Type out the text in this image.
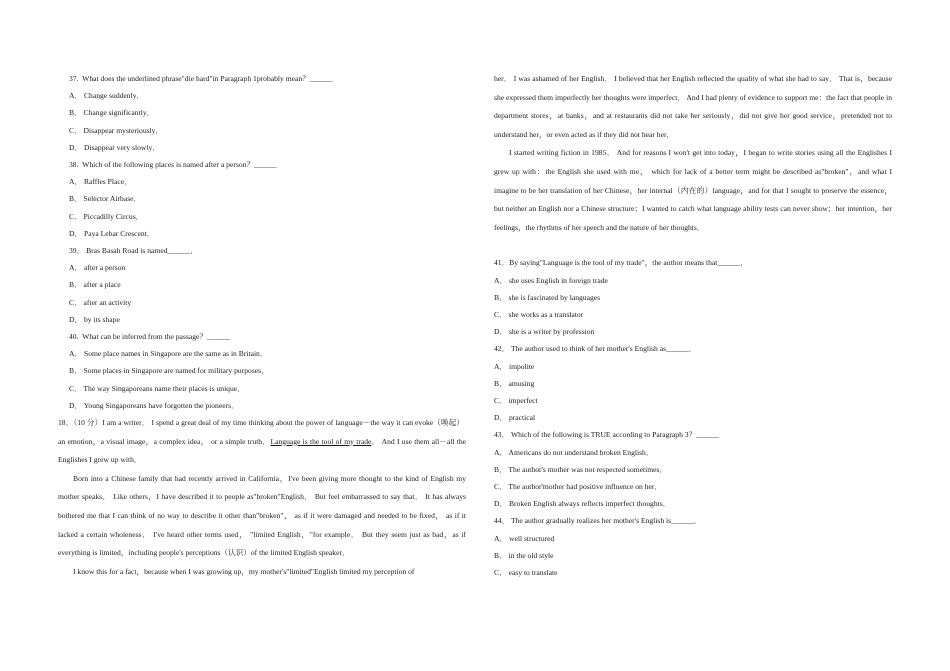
37.  What does the underlined phrase"die hard"in Paragraph 1probably mean？______
A． Change suddenly．
B． Change significantly．
C． Disappear mysteriously．
D． Disappear very slowly．
38.  Which of the following places is named after a person？______
A． Raffles Place．
B． Selector Airbase．
C． Piccadilly Circus．
D． Paya Lebar Crescent．
39． Bras Basah Road is named______．
A． after a person
B． after a place
C． after an activity
D． by its shape
40.  What can be inferred from the passage？______
A． Some place names in Singapore are the same as in Britain．
B． Some places in Singapore are named for military purposes．
C． The way Singaporeans name their places is unique．
D． Young Singaporeans have forgotten the pioneers．
18．（10 分）I am a writer． I spend a great deal of my time thinking about the power of language－the way it can evoke（唤起）  an emotion，a visual image，a complex idea， or a simple truth．Language is the tool of my trade． And I use them all－all the Englishes I grew up with．
Born into a Chinese family that had recently arrived in California，I've been giving more thought to the kind of English my mother speaks． Like others，I have described it to people as"broken"English． But feel embarrassed to say that． It has always bothered me that I can think of no way to describe it other than"broken"， as if it were damaged and needed to be fixed， as if it lacked a certain wholeness． I've heard other terms used， "limited English，"for example． But they seem just as bad，as if everything is limited，including people's perceptions（认识）of the limited English speaker．
I know this for a fact，because when I was growing up，my mother's"limited"English limited my perception of
her． I was ashamed of her English． I believed that her English reflected the quality of what she had to say． That is，because she expressed them imperfectly her thoughts were imperfect． And I had plenty of evidence to support me：the fact that people in department stores，at banks，and at restaurants did not take her seriously，did not give her good service，pretended not to understand her，or even acted as if they did not hear her．
I started writing fiction in 1985． And for reasons I won't get into today，I began to write stories using all the Englishes I grew up with：the English she used with me， which for lack of a better term might be described as"broken"，and what I imagine to be her translation of her Chinese，her internal（内在的）language，and for that I sought to preserve the essence，but neither an English nor a Chinese structure；I wanted to catch what language ability tests can never show；her intention，her feelings，the rhythms of her speech and the nature of her thoughts．
41．By saying"Language is the tool of my trade"，the author means that______．
A． she uses English in foreign trade
B． she is fascinated by languages
C． she works as a translator
D． she is a writer by profession
42． The author used to think of her mother's English as______．
A． impolite
B． amusing
C． imperfect
D． practical
43． Which of the following is TRUE according to Paragraph 3？______
A． Americans do not understand broken English．
B． The author's mother was not respected sometimes．
C． The author'mother had positive influence on her．
D． Broken English always reflects imperfect thoughts．
44． The author gradually realizes her mother's English is______．
A． well structured
B． in the old style
C． easy to translate
